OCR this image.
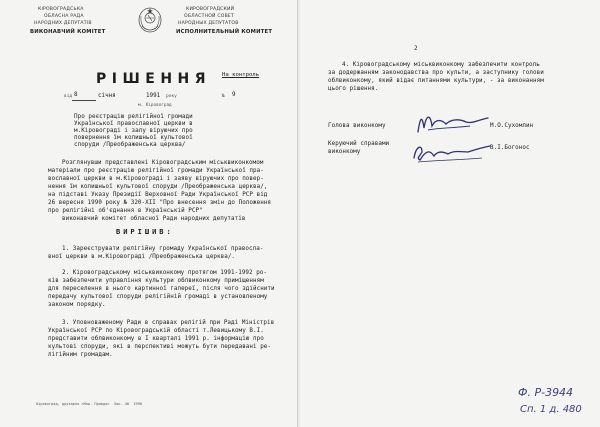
КІРОВОГРАДСЬКА
ОБЛАСНА РАДА
НАРОДНИХ ДЕПУТАТІВ
ВИКОНАВЧИЙ КОМІТЕТ
КИРОВОГРАДСКИЙ
ОБЛАСТНОЙ СОВЕТ
НАРОДНЫХ ДЕПУТАТОВ
ИСПОЛНИТЕЛЬНЫЙ КОМИТЕТ
РІШЕННЯ На контроль
від 8	січня	1991 року	№ 9
м. Кіровоград
Про реєстрацію релігійної громади
Української православної церкви в
м.Кіровограді і залу віруючих про
повернення їм колишньої культової
споруди /Преображенська церква/
Розглянувши представлені Кіровоградським міськвиконкомом
матеріали про реєстрацію релігійної громади Української пра-
вославної церкви в м.Кіровограді і заяву віруючих про повер-
нення їм колишньої культової споруди /Преображенська церква/,
на підставі Указу Президії Верховної Ради Української РСР від
26 вересня 1990 року № 320-ХІІ "Про внесення змін до Положення
про релігійні об'єднання в Українській РСР"
виконавчий комітет обласної Ради народних депутатів
ВИРІШИВ:
1. Зареєструвати релігійну громаду Української правосла-
вної церкви в м.Кіровограді /Преображенська церква/.
2. Кіровоградському міськвиконкому протягом 1991-1992 ро-
ків забезпечити управління культури облвиконкому приміщенням
для переселення в нього картинної галереї, після чого здійснити
передачу культової споруди релігійній громаді в установленому
законом порядку.
3. Уповноваженому Ради в справах релігій при Раді Міністрів
Української РСР по Кіровоградській області т.Левицькому В.І.
представити облвиконкому в І кварталі 1991 р. інформацію про
культові споруди, які в перспективі можуть бути передавані ре-
лігійним громадам.
Кіровоград, друкарня «Мор. Правда»  Зак. 40  1990
2
4. Кіровоградському міськвиконкому забезпечити контроль
за додержанням законодавства про культи, а заступнику голови
облвиконкому, який відає питаннями культури, - за виконанням
цього рішення.
Голова виконкому	М.О.Сухомлин
Керуючий справами
виконкому
В.І.Богонос
Ф. Р-3944
Сп. 1 д. 480
